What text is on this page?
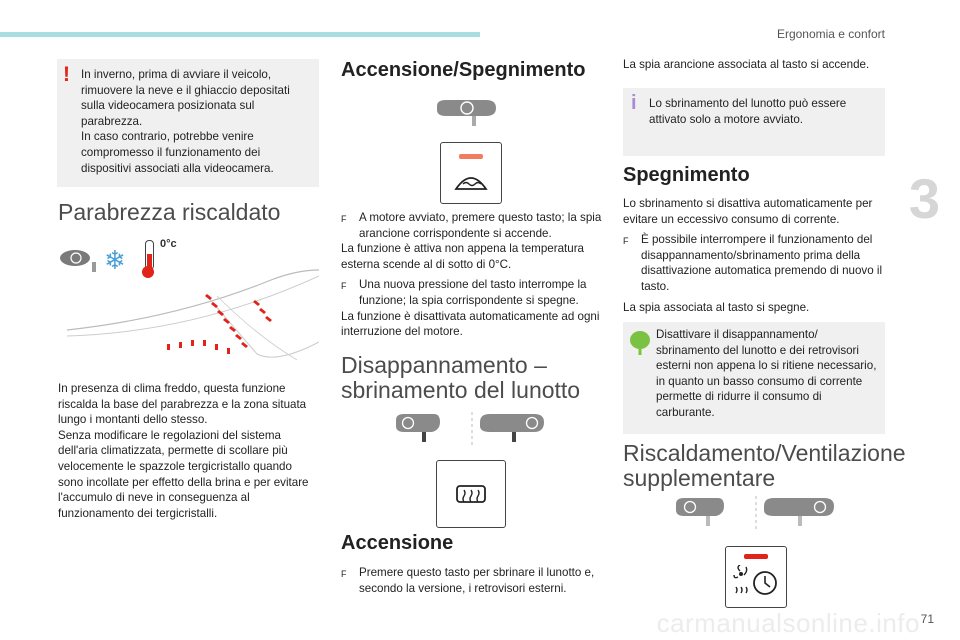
Ergonomia e confort
3
carmanualsonline.info 71
! In inverno, prima di avviare il veicolo, rimuovere la neve e il ghiaccio depositati sulla videocamera posizionata sul parabrezza.
In caso contrario, potrebbe venire compromesso il funzionamento dei dispositivi associati alla videocamera.
Parabrezza riscaldato
❄
0°c
In presenza di clima freddo, questa funzione riscalda la base del parabrezza e la zona situata lungo i montanti dello stesso.
Senza modificare le regolazioni del sistema dell'aria climatizzata, permette di scollare più velocemente le spazzole tergicristallo quando sono incollate per effetto della brina e per evitare l'accumulo di neve in conseguenza al funzionamento dei tergicristalli.
Accensione/Spegnimento
F	A motore avviato, premere questo tasto; la spia arancione corrispondente si accende.

La funzione è attiva non appena la temperatura esterna scende al di sotto di 0°C.

F	Una nuova pressione del tasto interrompe la funzione; la spia corrispondente si spegne.

La funzione è disattivata automaticamente ad ogni interruzione del motore.

Disappannamento – sbrinamento del lunotto
Accensione
F	Premere questo tasto per sbrinare il lunotto e, secondo la versione, i retrovisori esterni.
La spia arancione associata al tasto si accende.
i Lo sbrinamento del lunotto può essere attivato solo a motore avviato.
Spegnimento

Lo sbrinamento si disattiva automaticamente per evitare un eccessivo consumo di corrente.

F	È possibile interrompere il funzionamento del disappannamento/sbrinamento prima della disattivazione automatica premendo di nuovo il tasto.

La spia associata al tasto si spegne.

Disattivare il disappannamento/ sbrinamento del lunotto e dei retrovisori esterni non appena lo si ritiene necessario, in quanto un basso consumo di corrente permette di ridurre il consumo di carburante.
Riscaldamento/Ventilazione supplementare
